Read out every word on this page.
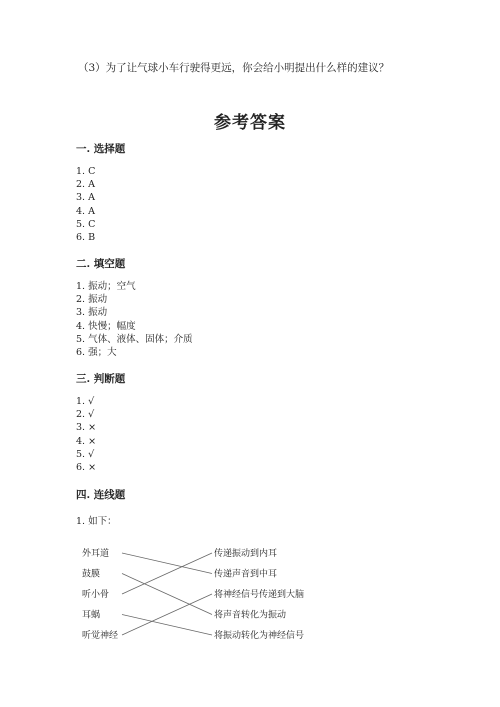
（3）为了让气球小车行驶得更远，你会给小明提出什么样的建议？
参考答案
一. 选择题
1. C
2. A
3. A
4. A
5. C
6. B
二. 填空题
1. 振动；空气
2. 振动
3. 振动
4. 快慢；幅度
5. 气体、液体、固体；介质
6. 强；大
三. 判断题
1. √
2. √
3. ×
4. ×
5. √
6. ×
四. 连线题
1. 如下：
外耳道
鼓膜
听小骨
耳蜗
听觉神经
传递振动到内耳
传递声音到中耳
将神经信号传递到大脑
将声音转化为振动
将振动转化为神经信号
